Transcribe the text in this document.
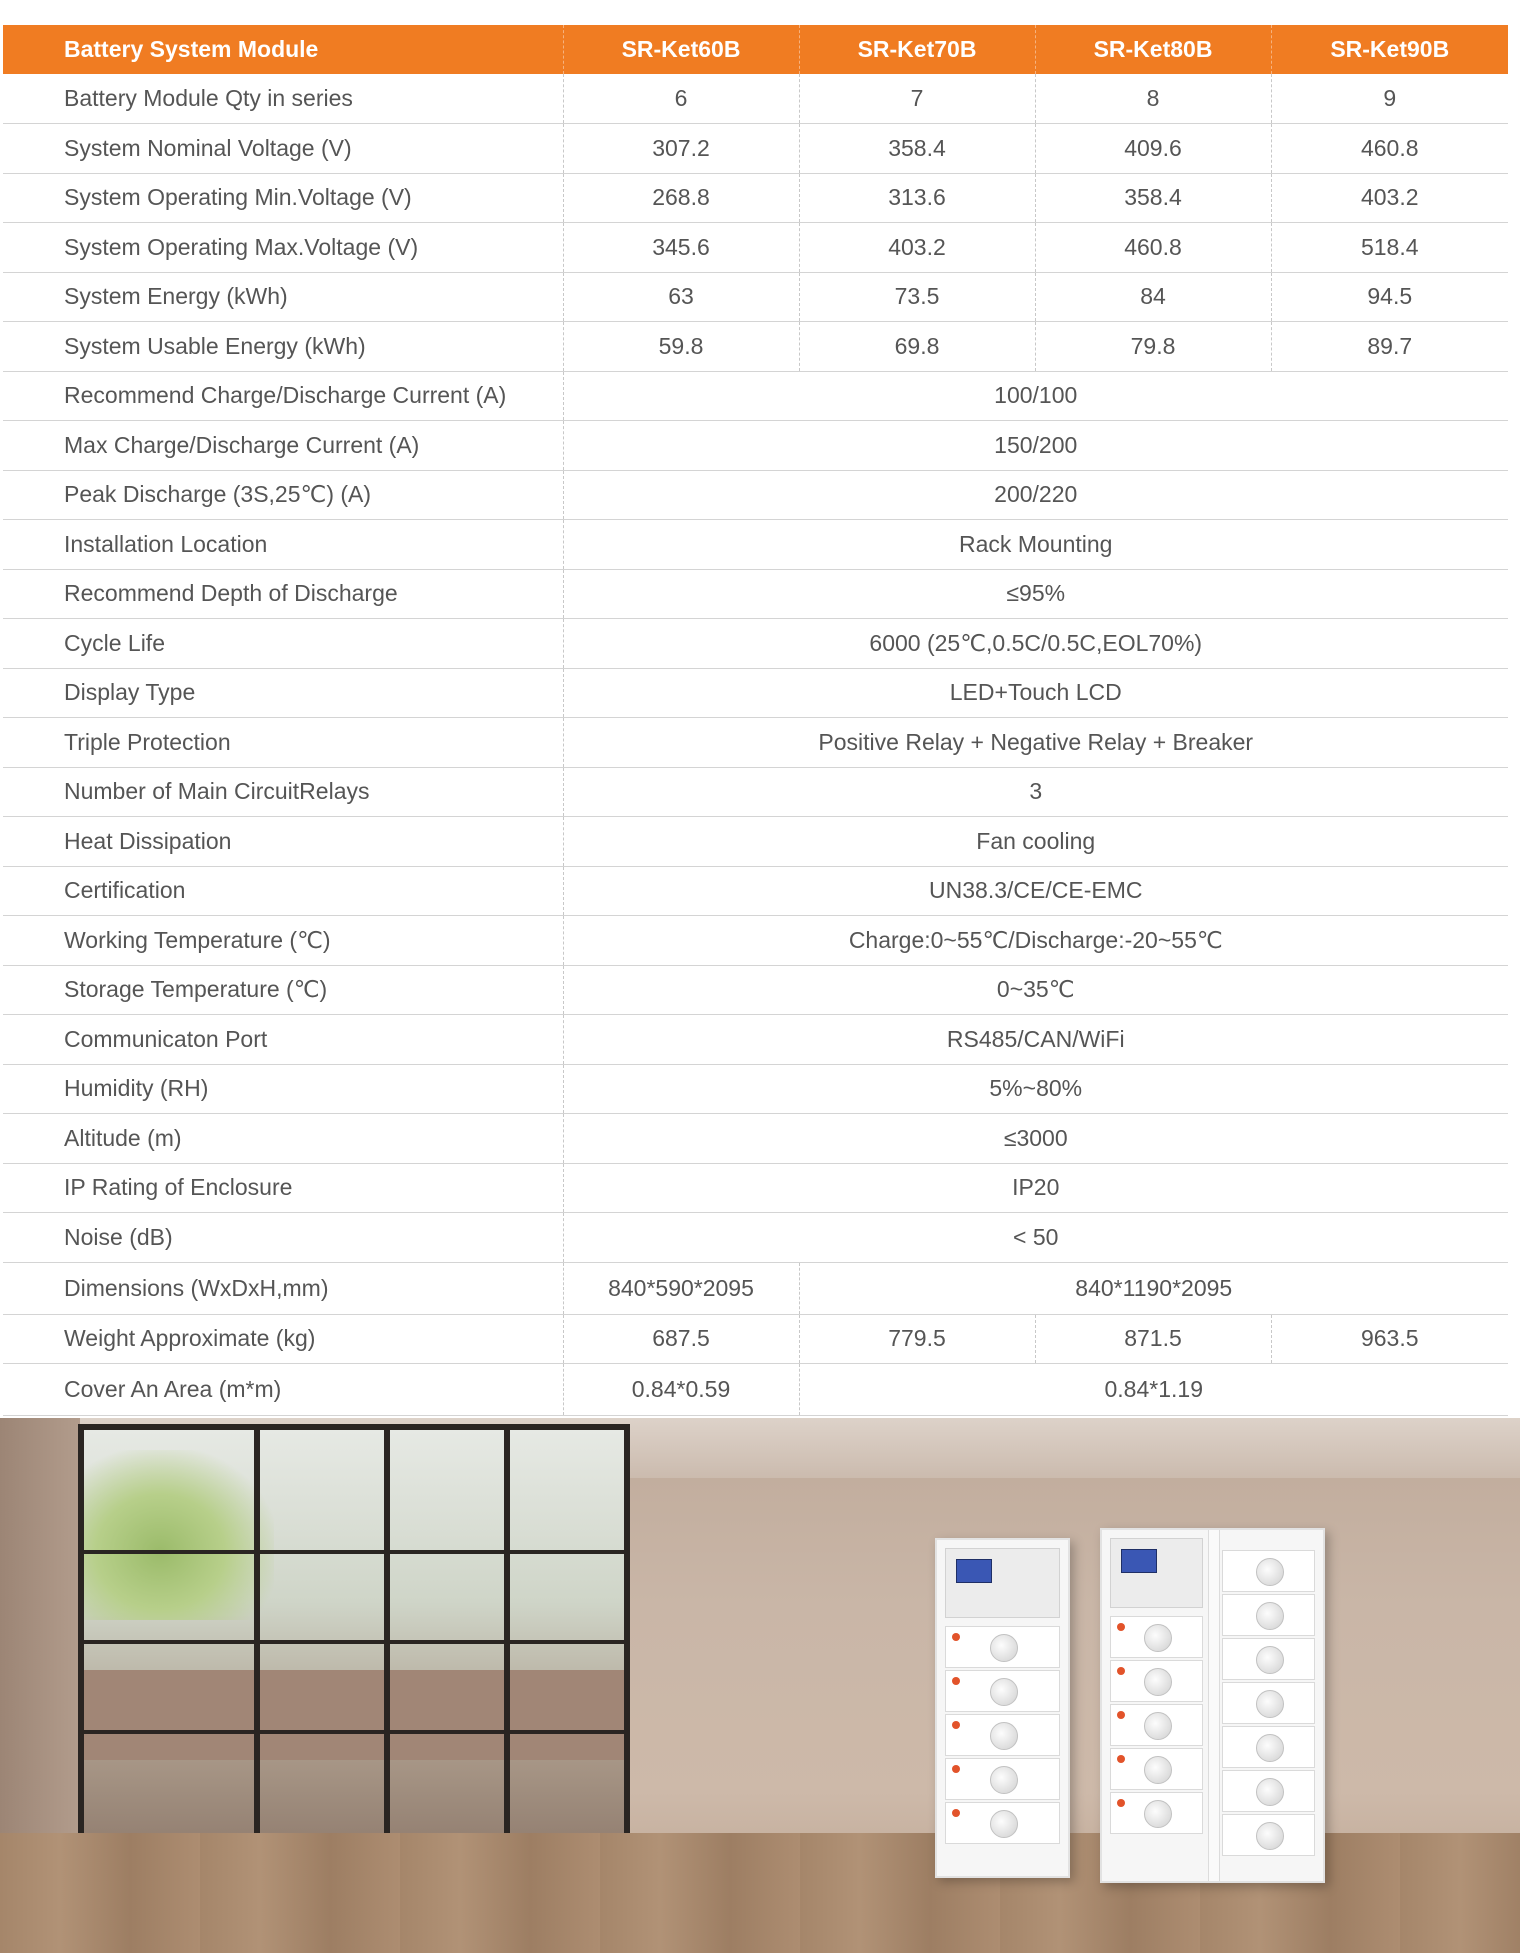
Battery System Module	SR-Ket60B	SR-Ket70B	SR-Ket80B	SR-Ket90B
Battery Module Qty in series	6	7	8	9
System Nominal Voltage (V)	307.2	358.4	409.6	460.8
System Operating Min.Voltage (V)	268.8	313.6	358.4	403.2
System Operating Max.Voltage (V)	345.6	403.2	460.8	518.4
System Energy (kWh)	63	73.5	84	94.5
System Usable Energy (kWh)	59.8	69.8	79.8	89.7
Recommend Charge/Discharge Current (A)	100/100			
Max Charge/Discharge Current (A)	150/200			
Peak Discharge (3S,25℃) (A)	200/220			
Installation Location	Rack Mounting			
Recommend Depth of Discharge	≤95%			
Cycle Life	6000 (25℃,0.5C/0.5C,EOL70%)			
Display Type	LED+Touch LCD			
Triple Protection	Positive Relay + Negative Relay + Breaker			
Number of Main CircuitRelays	3			
Heat Dissipation	Fan cooling			
Certification	UN38.3/CE/CE-EMC			
Working Temperature (℃)	Charge:0~55℃/Discharge:-20~55℃			
Storage Temperature (℃)	0~35℃			
Communicaton Port	RS485/CAN/WiFi			
Humidity (RH)	5%~80%			
Altitude (m)	≤3000			
IP Rating of Enclosure	IP20			
Noise (dB)	< 50			
Dimensions (WxDxH,mm)	840*590*2095	840*1190*2095		
Weight Approximate (kg)	687.5	779.5	871.5	963.5
Cover An Area (m*m)	0.84*0.59	0.84*1.19		
